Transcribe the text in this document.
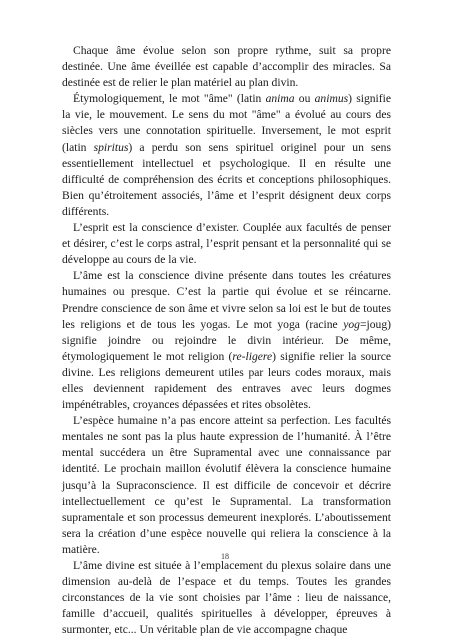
Chaque âme évolue selon son propre rythme, suit sa propre destinée. Une âme éveillée est capable d’accomplir des miracles. Sa destinée est de relier le plan matériel au plan divin.

Étymologiquement, le mot "âme" (latin anima ou animus) signifie la vie, le mouvement. Le sens du mot "âme" a évolué au cours des siècles vers une connotation spirituelle. Inversement, le mot esprit (latin spiritus) a perdu son sens spirituel originel pour un sens essentiellement intellectuel et psychologique. Il en résulte une difficulté de compréhension des écrits et conceptions philosophiques. Bien qu’étroitement associés, l’âme et l’esprit désignent deux corps différents.

L’esprit est la conscience d’exister. Couplée aux facultés de penser et désirer, c’est le corps astral, l’esprit pensant et la personnalité qui se développe au cours de la vie.

L’âme est la conscience divine présente dans toutes les créatures humaines ou presque. C’est la partie qui évolue et se réincarne. Prendre conscience de son âme et vivre selon sa loi est le but de toutes les religions et de tous les yogas. Le mot yoga (racine yog=joug) signifie joindre ou rejoindre le divin intérieur. De même, étymologiquement le mot religion (re-ligere) signifie relier la source divine. Les religions demeurent utiles par leurs codes moraux, mais elles deviennent rapidement des entraves avec leurs dogmes impénétrables, croyances dépassées et rites obsolètes.

L’espèce humaine n’a pas encore atteint sa perfection. Les facultés mentales ne sont pas la plus haute expression de l’humanité. À l’être mental succédera un être Supramental avec une connaissance par identité. Le prochain maillon évolutif élèvera la conscience humaine jusqu’à la Supraconscience. Il est difficile de concevoir et décrire intellectuellement ce qu’est le Supramental. La transformation supramentale et son processus demeurent inexplorés. L’aboutissement sera la création d’une espèce nouvelle qui reliera la conscience à la matière.

L’âme divine est située à l’emplacement du plexus solaire dans une dimension au-delà de l’espace et du temps. Toutes les grandes circonstances de la vie sont choisies par l’âme : lieu de naissance, famille d’accueil, qualités spirituelles à développer, épreuves à surmonter, etc... Un véritable plan de vie accompagne chaque

18
